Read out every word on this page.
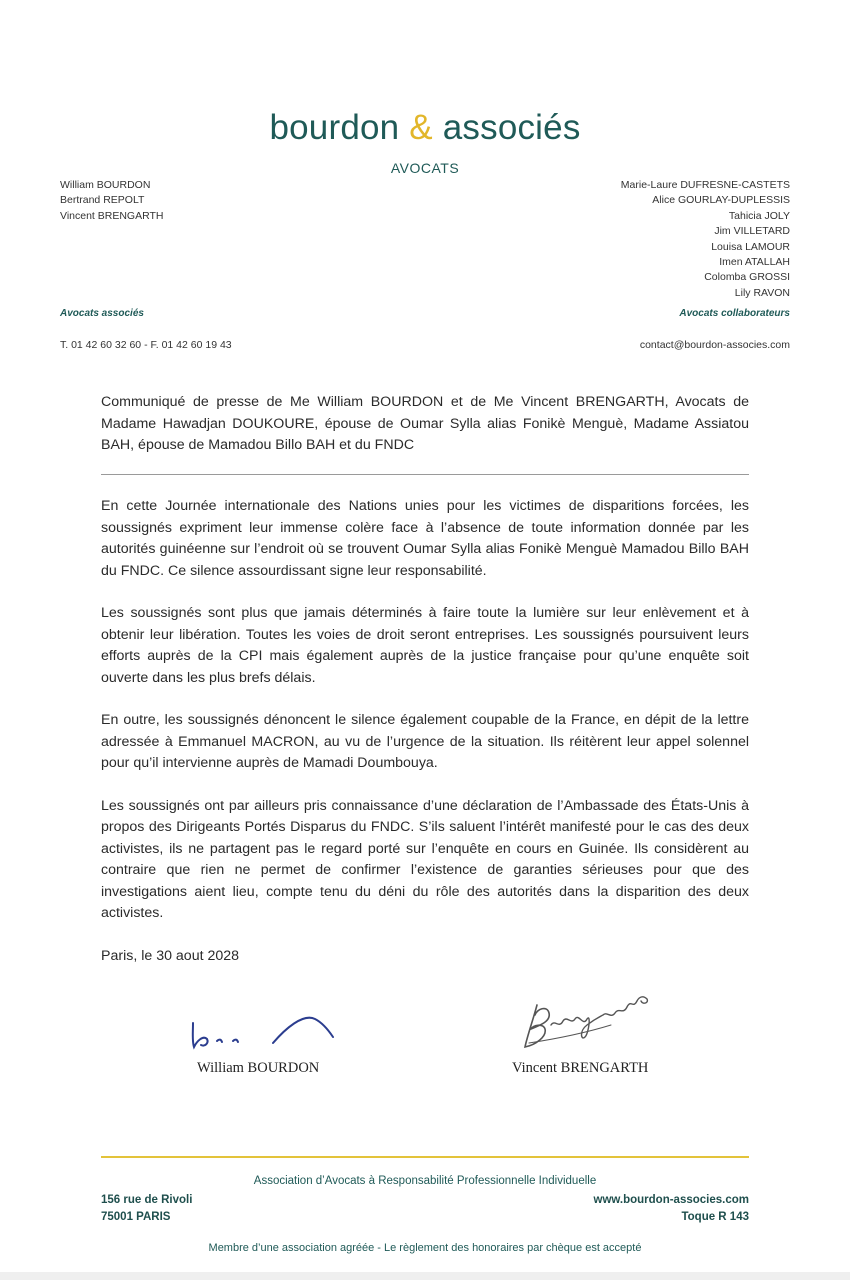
bourdon & associés
AVOCATS
William BOURDON
Bertrand REPOLT
Vincent BRENGARTH
Marie-Laure DUFRESNE-CASTETS
Alice GOURLAY-DUPLESSIS
Tahicia JOLY
Jim VILLETARD
Louisa LAMOUR
Imen ATALLAH
Colomba GROSSI
Lily RAVON
Avocats associés	Avocats collaborateurs
T. 01 42 60 32 60 - F. 01 42 60 19 43	contact@bourdon-associes.com

Communiqué de presse de Me William BOURDON et de Me Vincent BRENGARTH, Avocats de Madame Hawadjan DOUKOURE, épouse de Oumar Sylla alias Fonikè Menguè, Madame Assiatou BAH, épouse de Mamadou Billo BAH et du FNDC

En cette Journée internationale des Nations unies pour les victimes de disparitions forcées, les soussignés expriment leur immense colère face à l’absence de toute information donnée par les autorités guinéenne sur l’endroit où se trouvent Oumar Sylla alias Fonikè Menguè Mamadou Billo BAH du FNDC. Ce silence assourdissant signe leur responsabilité.

Les soussignés sont plus que jamais déterminés à faire toute la lumière sur leur enlèvement et à obtenir leur libération. Toutes les voies de droit seront entreprises. Les soussignés poursuivent leurs efforts auprès de la CPI mais également auprès de la justice française pour qu’une enquête soit ouverte dans les plus brefs délais.

En outre, les soussignés dénoncent le silence également coupable de la France, en dépit de la lettre adressée à Emmanuel MACRON, au vu de l’urgence de la situation. Ils réitèrent leur appel solennel pour qu’il intervienne auprès de Mamadi Doumbouya.

Les soussignés ont par ailleurs pris connaissance d’une déclaration de l’Ambassade des États-Unis à propos des Dirigeants Portés Disparus du FNDC. S’ils saluent l’intérêt manifesté pour le cas des deux activistes, ils ne partagent pas le regard porté sur l’enquête en cours en Guinée. Ils considèrent au contraire que rien ne permet de confirmer l’existence de garanties sérieuses pour que des investigations aient lieu, compte tenu du déni du rôle des autorités dans la disparition des deux activistes.

Paris, le 30 aout 2028

William BOURDON	Vincent BRENGARTH
Association d’Avocats à Responsabilité Professionnelle Individuelle
156 rue de Rivoli
75001 PARIS
www.bourdon-associes.com
Toque R 143
Membre d’une association agréée - Le règlement des honoraires par chèque est accepté
